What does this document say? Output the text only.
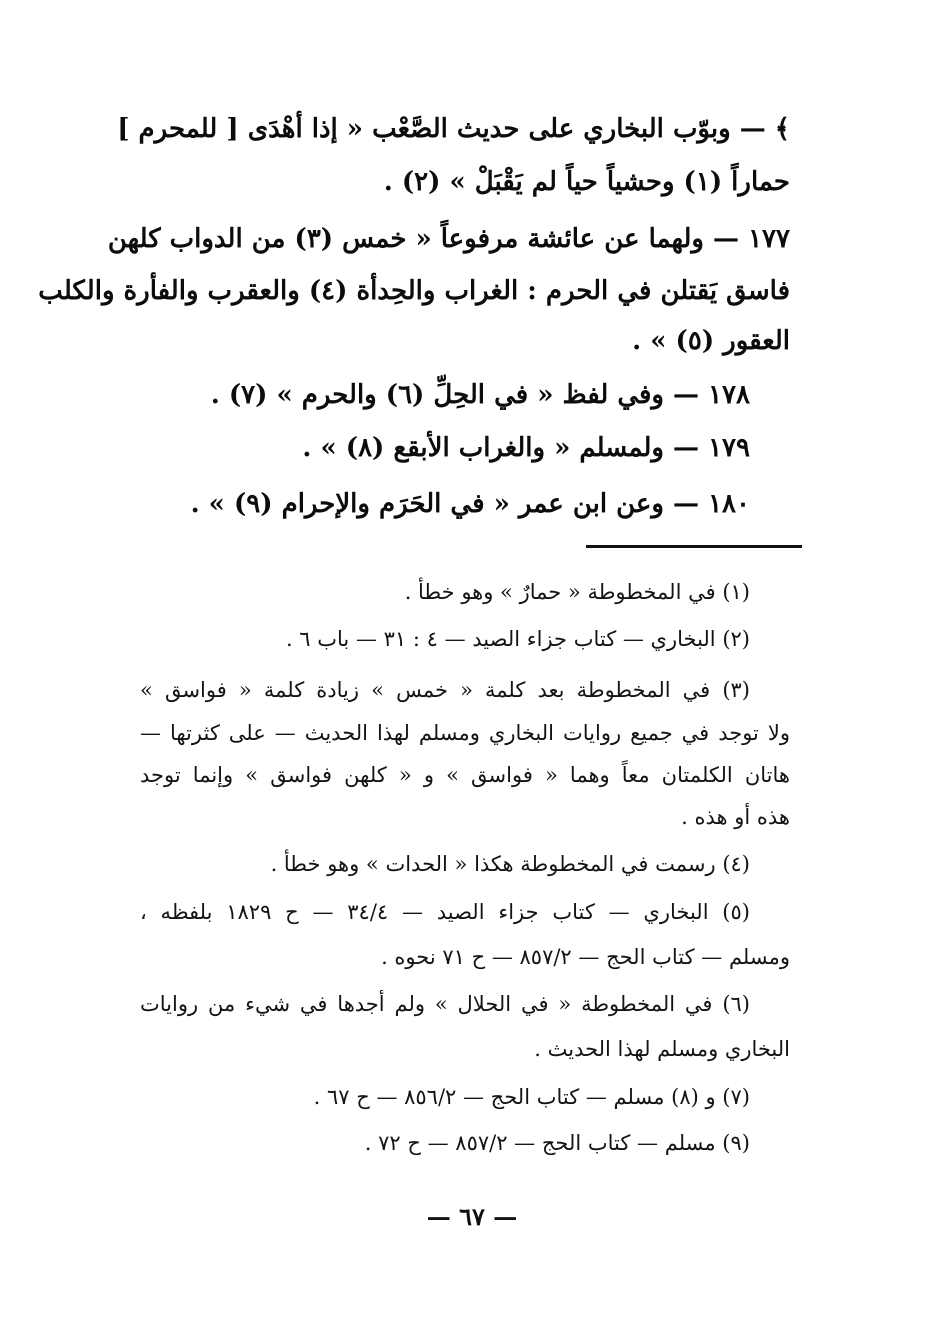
﴾ — وبوّب البخاري على حديث الصَّعْب « إذا أهْدَى [ للمحرم ]
حماراً (١) وحشياً حياً لم يَقْبَلْ » (٢) .
١٧٧ — ولهما عن عائشة مرفوعاً « خمس (٣) من الدواب كلهن
فاسق يَقتلن في الحرم : الغراب والحِدأة (٤) والعقرب والفأرة والكلب
العقور (٥) » .
١٧٨ — وفي لفظ « في الحِلِّ (٦) والحرم » (٧) .
١٧٩ — ولمسلم « والغراب الأبقع (٨) » .
١٨٠ — وعن ابن عمر « في الحَرَم والإحرام (٩) » .
(١) في المخطوطة « حمارٌ » وهو خطأ .
(٢) البخاري — كتاب جزاء الصيد — ٤ : ٣١ — باب ٦ .
(٣) في المخطوطة بعد كلمة « خمس » زيادة كلمة « فواسق »
ولا توجد في جميع روايات البخاري ومسلم لهذا الحديث — على كثرتها —
هاتان الكلمتان معاً وهما « فواسق » و « كلهن فواسق » وإنما توجد
هذه أو هذه .
(٤) رسمت في المخطوطة هكذا « الحدات » وهو خطأ .
(٥) البخاري — كتاب جزاء الصيد — ٣٤/٤ — ح ١٨٢٩ بلفظه ،
ومسلم — كتاب الحج — ٨٥٧/٢ — ح ٧١ نحوه .
(٦) في المخطوطة « في الحلال » ولم أجدها في شيء من روايات
البخاري ومسلم لهذا الحديث .
(٧) و (٨) مسلم — كتاب الحج — ٨٥٦/٢ — ح ٦٧ .
(٩) مسلم — كتاب الحج — ٨٥٧/٢ — ح ٧٢ .
— ٦٧ —
